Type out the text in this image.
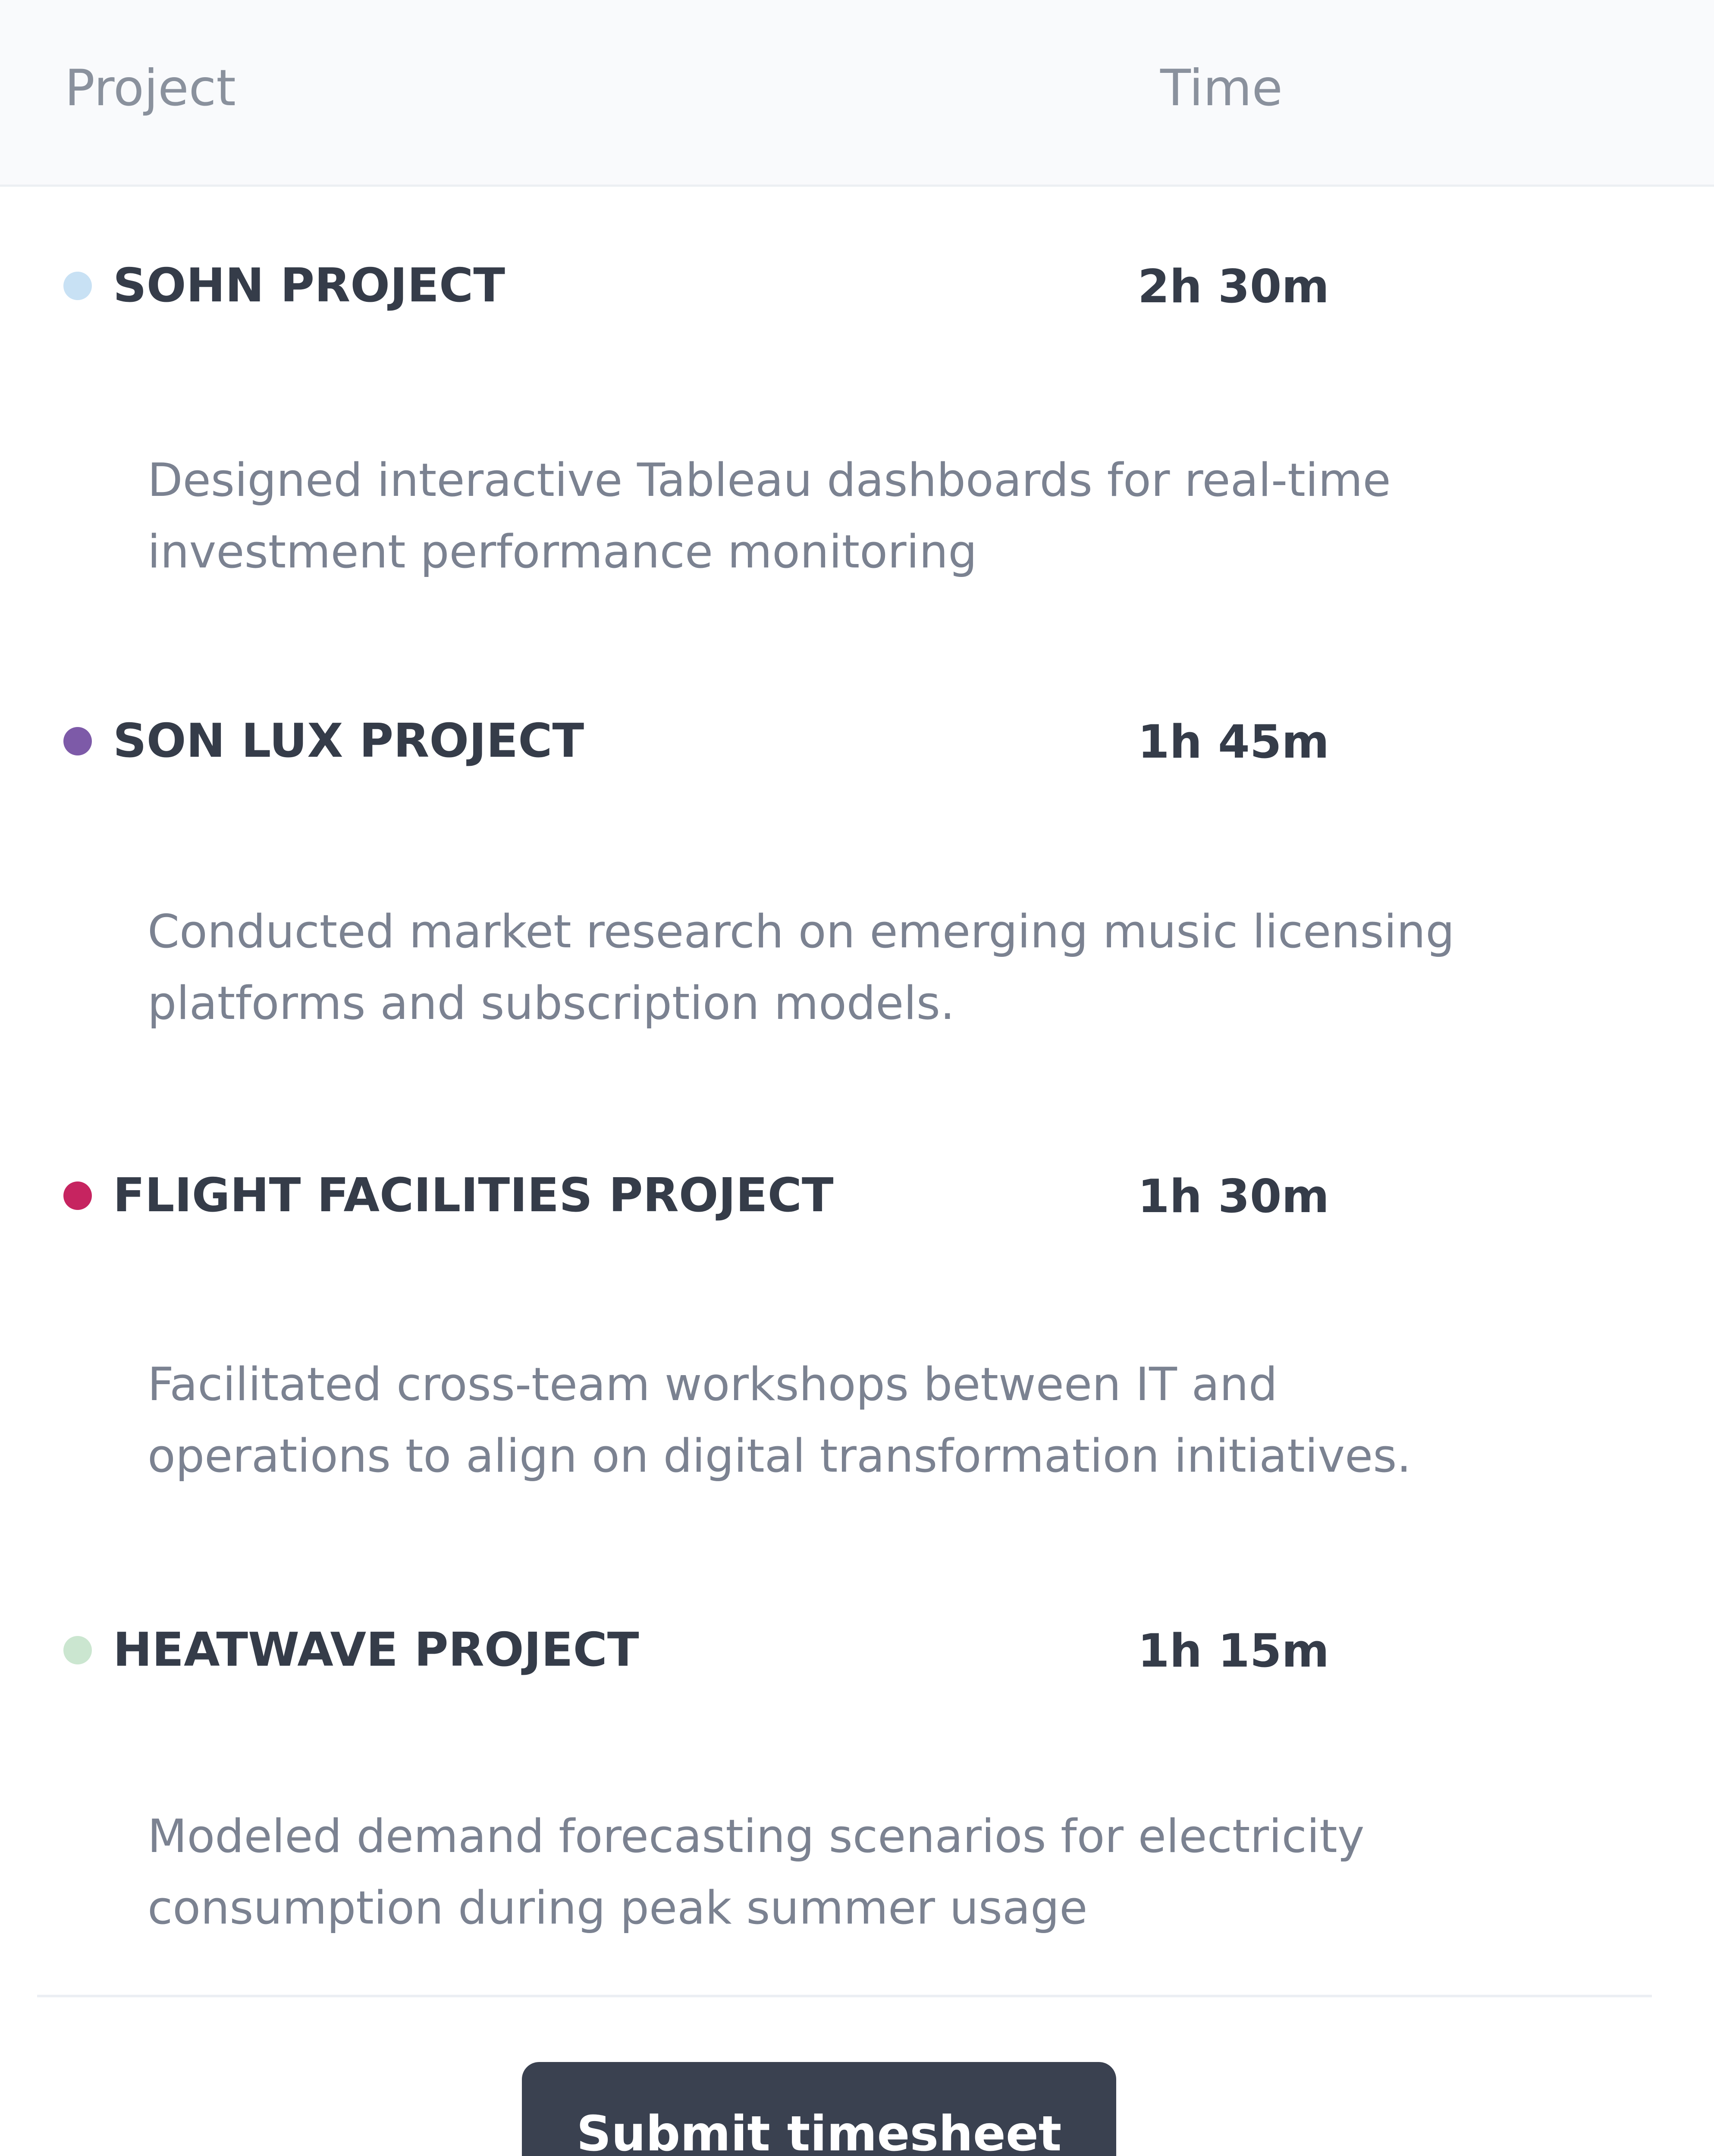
Project	Time
SOHN PROJECT	2h 30m
Designed interactive Tableau dashboards for real-time investment performance monitoring
SON LUX PROJECT	1h 45m
Conducted market research on emerging music licensing platforms and subscription models.
FLIGHT FACILITIES PROJECT	1h 30m
Facilitated cross-team workshops between IT and operations to align on digital transformation initiatives.
HEATWAVE PROJECT	1h 15m
Modeled demand forecasting scenarios for electricity consumption during peak summer usage
Submit timesheet
